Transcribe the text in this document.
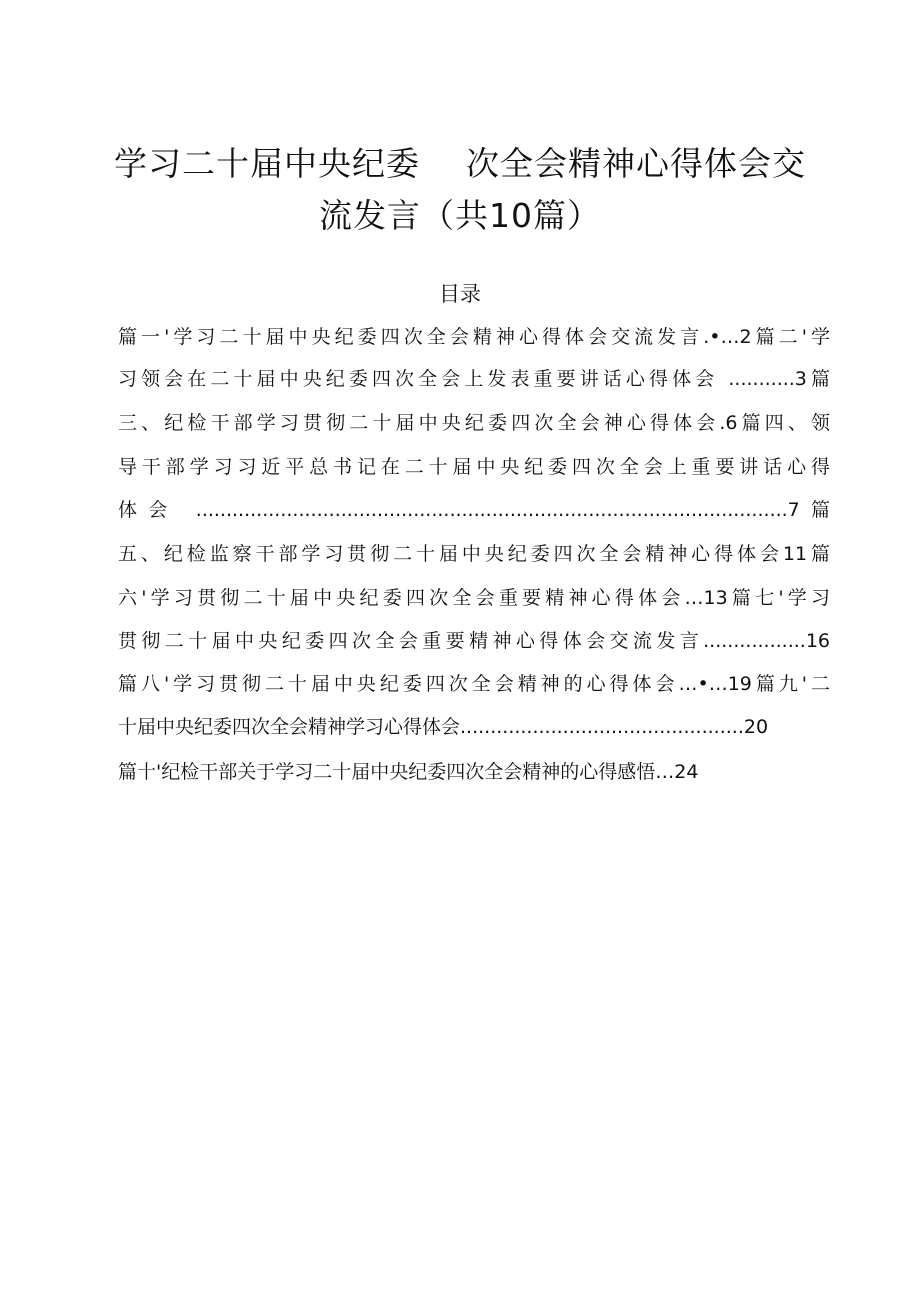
学习二十届中央纪委 次全会精神心得体会交
流发言（共10篇）
目录
篇一'学习二十届中央纪委四次全会精神心得体会交流发言.•…2篇二'学
习领会在二十届中央纪委四次全会上发表重要讲话心得体会 ...........3篇
三、纪检干部学习贯彻二十届中央纪委四次全会神心得体会.6篇四、领
导干部学习习近平总书记在二十届中央纪委四次全会上重要讲话心得
体会 ..................................................................................................7篇
五、纪检监察干部学习贯彻二十届中央纪委四次全会精神心得体会11篇
六'学习贯彻二十届中央纪委四次全会重要精神心得体会…13篇七'学习
贯彻二十届中央纪委四次全会重要精神心得体会交流发言.................16
篇八'学习贯彻二十届中央纪委四次全会精神的心得体会…•…19篇九'二
十届中央纪委四次全会精神学习心得体会...............................................20
篇十'纪检干部关于学习二十届中央纪委四次全会精神的心得感悟…24
